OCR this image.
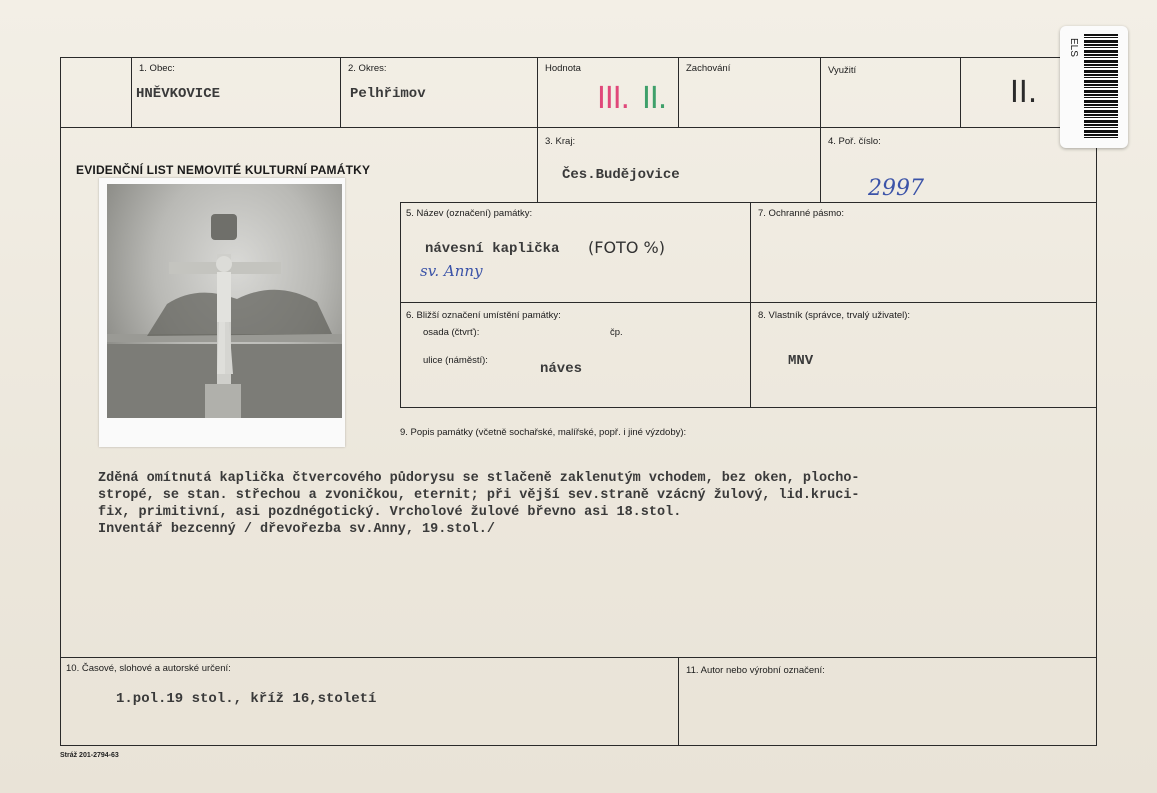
1. Obec:
HNĚVKOVICE
2. Okres:
Pelhřimov
Hodnota
III. II.
Zachování	Využití
II.
EVIDENČNÍ LIST NEMOVITÉ KULTURNÍ PAMÁTKY
3. Kraj:
Čes.Budějovice
4. Poř. číslo:
2997
5. Název (označení) památky:
návesní kaplička (FOTO %)
sv. Anny
7. Ochranné pásmo:
6. Bližší označení umístění památky:
osada (čtvrť):	čp.
ulice (náměstí):
náves
8. Vlastník (správce, trvalý uživatel):
MNV
9. Popis památky (včetně sochařské, malířské, popř. i jiné výzdoby):
Zděná omítnutá kaplička čtvercového půdorysu se stlačeně zaklenutým vchodem, bez oken, plocho-
stropé, se stan. střechou a zvoničkou, eternit; při vější sev.straně vzácný žulový, lid.kruci-
fix, primitivní, asi pozdnégotický. Vrcholové žulové břevno asi 18.stol.
Inventář bezcenný / dřevořezba sv.Anny, 19.stol./
10. Časové, slohové a autorské určení:
1.pol.19 stol., kříž 16,století
11. Autor nebo výrobní označení:
ELS
Stráž 201-2794-63
